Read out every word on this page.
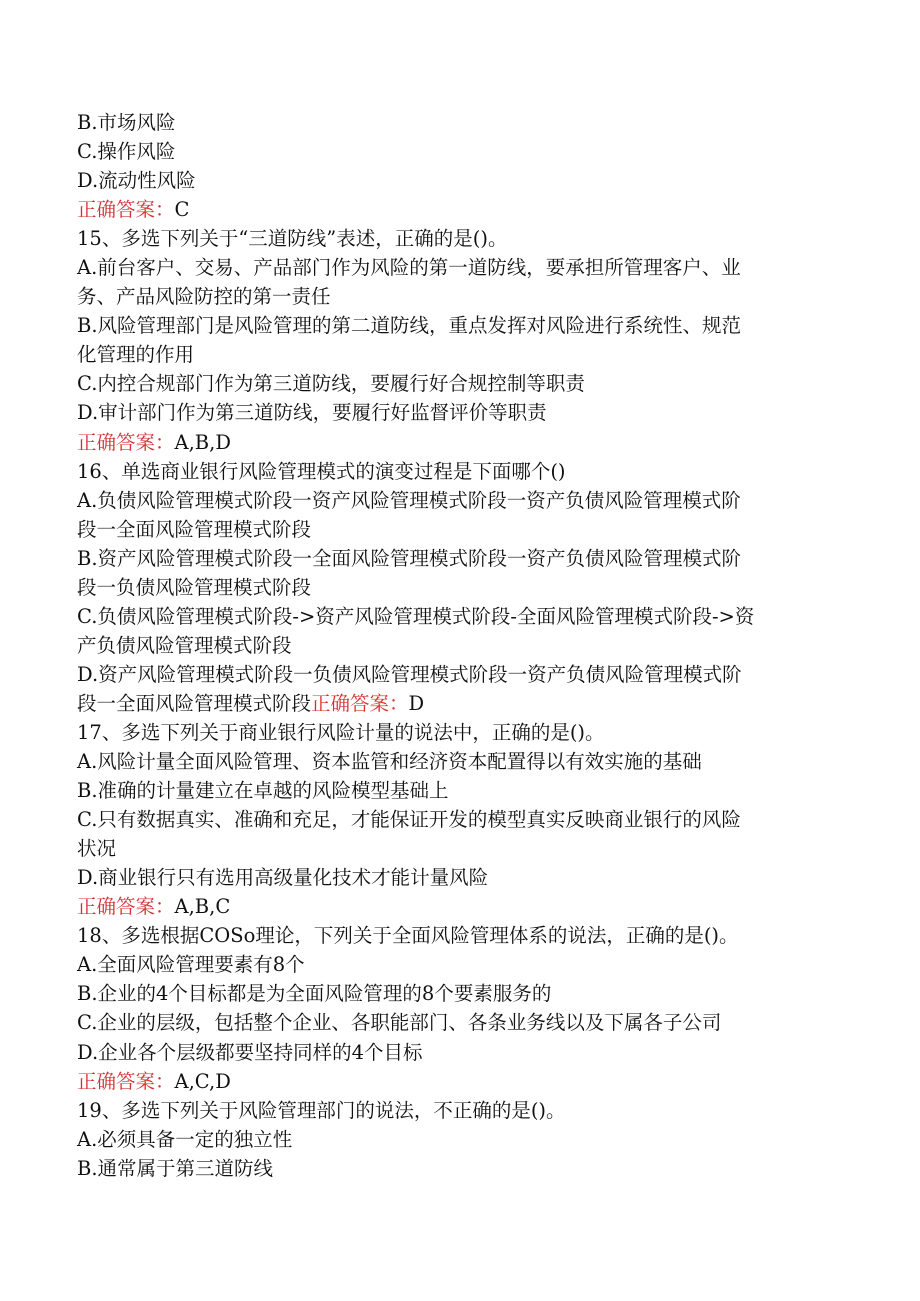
B.市场风险
C.操作风险
D.流动性风险
正确答案：C
15、多选下列关于“三道防线”表述，正确的是()。
A.前台客户、交易、产品部门作为风险的第一道防线，要承担所管理客户、业
务、产品风险防控的第一责任
B.风险管理部门是风险管理的第二道防线，重点发挥对风险进行系统性、规范
化管理的作用
C.内控合规部门作为第三道防线，要履行好合规控制等职责
D.审计部门作为第三道防线，要履行好监督评价等职责
正确答案：A,B,D
16、单选商业银行风险管理模式的演变过程是下面哪个()
A.负债风险管理模式阶段一资产风险管理模式阶段一资产负债风险管理模式阶
段一全面风险管理模式阶段
B.资产风险管理模式阶段一全面风险管理模式阶段一资产负债风险管理模式阶
段一负债风险管理模式阶段
C.负债风险管理模式阶段->资产风险管理模式阶段-全面风险管理模式阶段->资
产负债风险管理模式阶段
D.资产风险管理模式阶段一负债风险管理模式阶段一资产负债风险管理模式阶
段一全面风险管理模式阶段正确答案：D
17、多选下列关于商业银行风险计量的说法中，正确的是()。
A.风险计量全面风险管理、资本监管和经济资本配置得以有效实施的基础
B.准确的计量建立在卓越的风险模型基础上
C.只有数据真实、准确和充足，才能保证开发的模型真实反映商业银行的风险
状况
D.商业银行只有选用高级量化技术才能计量风险
正确答案：A,B,C
18、多选根据COSo理论，下列关于全面风险管理体系的说法，正确的是()。
A.全面风险管理要素有8个
B.企业的4个目标都是为全面风险管理的8个要素服务的
C.企业的层级，包括整个企业、各职能部门、各条业务线以及下属各子公司
D.企业各个层级都要坚持同样的4个目标
正确答案：A,C,D
19、多选下列关于风险管理部门的说法，不正确的是()。
A.必须具备一定的独立性
B.通常属于第三道防线
